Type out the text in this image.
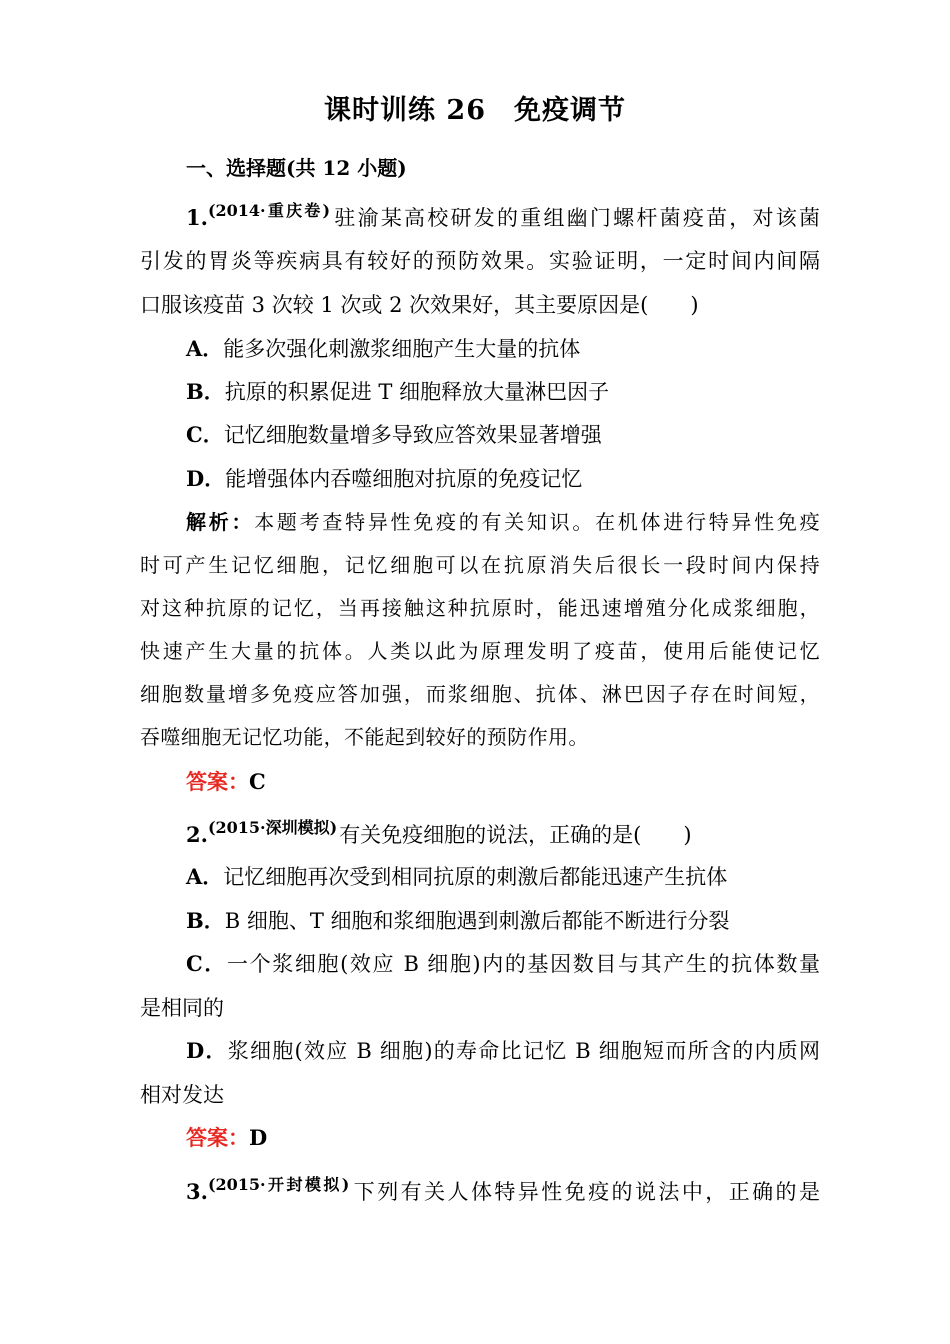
课时训练 26 免疫调节
一、选择题(共 12 小题)
1.$^{(2014\cdot 重庆卷)}$驻渝某高校研发的重组幽门螺杆菌疫苗，对该菌
引发的胃炎等疾病具有较好的预防效果。实验证明，一定时间内间隔
口服该疫苗 3 次较 1 次或 2 次效果好，其主要原因是(　　)
A．能多次强化刺激浆细胞产生大量的抗体
B．抗原的积累促进 T 细胞释放大量淋巴因子
C．记忆细胞数量增多导致应答效果显著增强
D．能增强体内吞噬细胞对抗原的免疫记忆
解析：本题考查特异性免疫的有关知识。在机体进行特异性免疫
时可产生记忆细胞，记忆细胞可以在抗原消失后很长一段时间内保持
对这种抗原的记忆，当再接触这种抗原时，能迅速增殖分化成浆细胞，
快速产生大量的抗体。人类以此为原理发明了疫苗，使用后能使记忆
细胞数量增多免疫应答加强，而浆细胞、抗体、淋巴因子存在时间短，
吞噬细胞无记忆功能，不能起到较好的预防作用。
答案：C
2.$^{(2015\cdot 深圳模拟)}$有关免疫细胞的说法，正确的是(　　)
A．记忆细胞再次受到相同抗原的刺激后都能迅速产生抗体
B．B 细胞、T 细胞和浆细胞遇到刺激后都能不断进行分裂
C．一个浆细胞(效应 B 细胞)内的基因数目与其产生的抗体数量
是相同的
D．浆细胞(效应 B 细胞)的寿命比记忆 B 细胞短而所含的内质网
相对发达
答案：D
3.$^{(2015\cdot 开封模拟)}$下列有关人体特异性免疫的说法中，正确的是
